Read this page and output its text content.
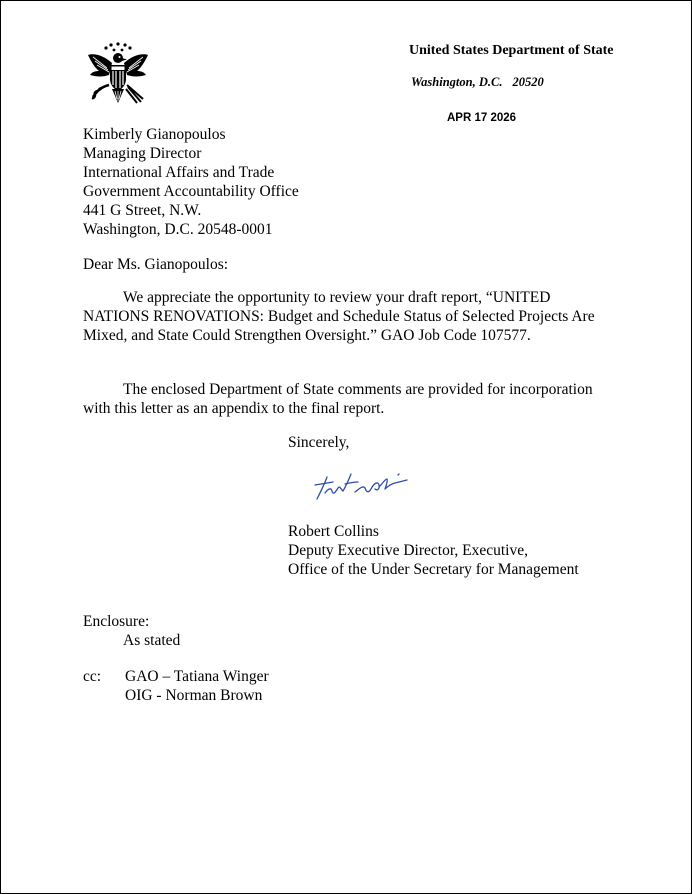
United States Department of State
Washington, D.C. 20520
APR 17 2026
Kimberly Gianopoulos
Managing Director
International Affairs and Trade
Government Accountability Office
441 G Street, N.W.
Washington, D.C. 20548-0001
Dear Ms. Gianopoulos:
We appreciate the opportunity to review your draft report, “UNITED NATIONS RENOVATIONS: Budget and Schedule Status of Selected Projects Are Mixed, and State Could Strengthen Oversight.” GAO Job Code 107577.
The enclosed Department of State comments are provided for incorporation with this letter as an appendix to the final report.
Sincerely,
Robert Collins
Deputy Executive Director, Executive,
Office of the Under Secretary for Management
Enclosure:
As stated
cc:	GAO – Tatiana Winger
OIG - Norman Brown
